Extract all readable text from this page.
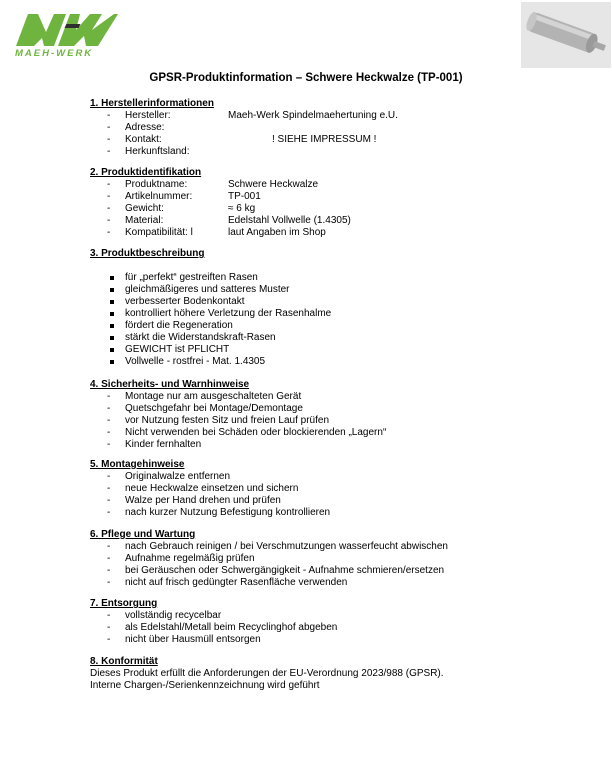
MAEH-WERK
GPSR-Produktinformation – Schwere Heckwalze (TP-001)
1. Herstellerinformationen
- Hersteller:	Maeh-Werk Spindelmaehertuning e.U.
- Adresse:
- Kontakt:	! SIEHE IMPRESSUM !
- Herkunftsland:
2. Produktidentifikation
- Produktname:	Schwere Heckwalze
- Artikelnummer:	TP-001
- Gewicht:	≈ 6 kg
- Material:	Edelstahl Vollwelle (1.4305)
- Kompatibilität: l	laut Angaben im Shop
3. Produktbeschreibung
für „perfekt“ gestreiften Rasen
gleichmäßigeres und satteres Muster
verbesserter Bodenkontakt
kontrolliert höhere Verletzung der Rasenhalme
fördert die Regeneration
stärkt die Widerstandskraft-Rasen
GEWICHT ist PFLICHT
Vollwelle - rostfrei - Mat. 1.4305
4. Sicherheits- und Warnhinweise
- Montage nur am ausgeschalteten Gerät
- Quetschgefahr bei Montage/Demontage
- vor Nutzung festen Sitz und freien Lauf prüfen
- Nicht verwenden bei Schäden oder blockierenden „Lagern“
- Kinder fernhalten
5. Montagehinweise
- Originalwalze entfernen
- neue Heckwalze einsetzen und sichern
- Walze per Hand drehen und prüfen
- nach kurzer Nutzung Befestigung kontrollieren
6. Pflege und Wartung
- nach Gebrauch reinigen / bei Verschmutzungen wasserfeucht abwischen
- Aufnahme regelmäßig prüfen
- bei Geräuschen oder Schwergängigkeit - Aufnahme schmieren/ersetzen
- nicht auf frisch gedüngter Rasenfläche verwenden
7. Entsorgung
- vollständig recycelbar
- als Edelstahl/Metall beim Recyclinghof abgeben
- nicht über Hausmüll entsorgen
8. Konformität
Dieses Produkt erfüllt die Anforderungen der EU-Verordnung 2023/988 (GPSR).
Interne Chargen-/Serienkennzeichnung wird geführt
